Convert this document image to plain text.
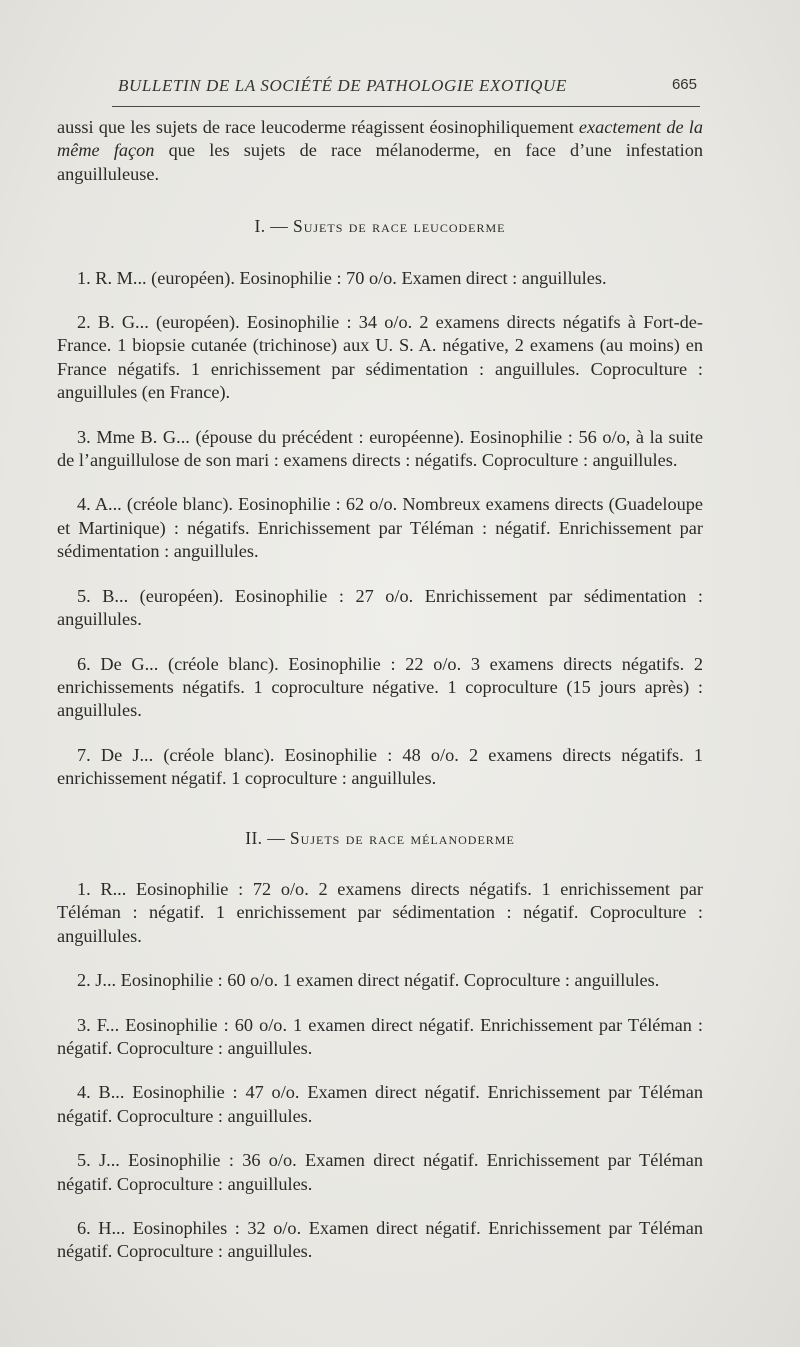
BULLETIN DE LA SOCIÉTÉ DE PATHOLOGIE EXOTIQUE	665

aussi que les sujets de race leucoderme réagissent éosinophiliquement exactement de la même façon que les sujets de race mélanoderme, en face d’une infestation anguilluleuse.

I. — Sujets de race leucoderme

1. R. M... (européen). Eosinophilie : 70 o/o. Examen direct : anguillules.

2. B. G... (européen). Eosinophilie : 34 o/o. 2 examens directs négatifs à Fort-de-France. 1 biopsie cutanée (trichinose) aux U. S. A. négative, 2 examens (au moins) en France négatifs. 1 enrichissement par sédimentation : anguillules. Coproculture : anguillules (en France).

3. Mme B. G... (épouse du précédent : européenne). Eosinophilie : 56 o/o, à la suite de l’anguillulose de son mari : examens directs : négatifs. Coproculture : anguillules.

4. A... (créole blanc). Eosinophilie : 62 o/o. Nombreux examens directs (Guadeloupe et Martinique) : négatifs. Enrichissement par Téléman : négatif. Enrichissement par sédimentation : anguillules.

5. B... (européen). Eosinophilie : 27 o/o. Enrichissement par sédimentation : anguillules.

6. De G... (créole blanc). Eosinophilie : 22 o/o. 3 examens directs négatifs. 2 enrichissements négatifs. 1 coproculture négative. 1 coproculture (15 jours après) : anguillules.

7. De J... (créole blanc). Eosinophilie : 48 o/o. 2 examens directs négatifs. 1 enrichissement négatif. 1 coproculture : anguillules.

II. — Sujets de race mélanoderme

1. R... Eosinophilie : 72 o/o. 2 examens directs négatifs. 1 enrichissement par Téléman : négatif. 1 enrichissement par sédimentation : négatif. Coproculture : anguillules.

2. J... Eosinophilie : 60 o/o. 1 examen direct négatif. Coproculture : anguillules.

3. F... Eosinophilie : 60 o/o. 1 examen direct négatif. Enrichissement par Téléman : négatif. Coproculture : anguillules.

4. B... Eosinophilie : 47 o/o. Examen direct négatif. Enrichissement par Téléman négatif. Coproculture : anguillules.

5. J... Eosinophilie : 36 o/o. Examen direct négatif. Enrichissement par Téléman négatif. Coproculture : anguillules.

6. H... Eosinophiles : 32 o/o. Examen direct négatif. Enrichissement par Téléman négatif. Coproculture : anguillules.
